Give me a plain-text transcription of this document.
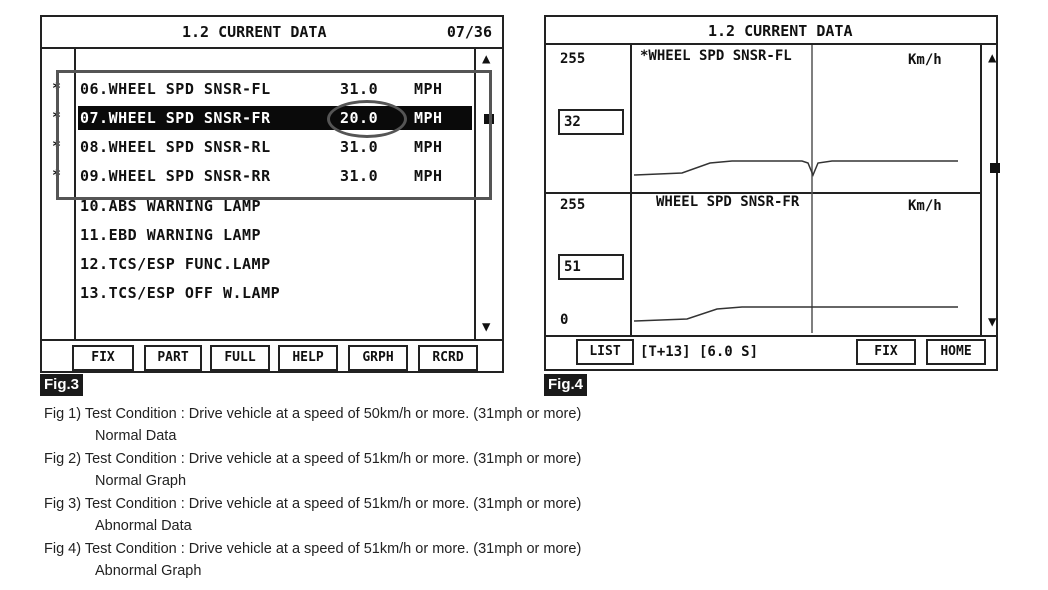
1.2 CURRENT DATA	07/36
*
*
*
*
06.WHEEL SPD SNSR-FL	31.0 MPH
07.WHEEL SPD SNSR-FR	20.0 MPH
08.WHEEL SPD SNSR-RL	31.0 MPH
09.WHEEL SPD SNSR-RR	31.0 MPH
10.ABS WARNING LAMP
11.EBD WARNING LAMP
12.TCS/ESP FUNC.LAMP
13.TCS/ESP OFF W.LAMP
▲
▼
FIX	PART	FULL	HELP	GRPH	RCRD
Fig.3
1.2 CURRENT DATA
255
32
*WHEEL SPD SNSR-FL	Km/h
255
51
0
WHEEL SPD SNSR-FR	Km/h
▲
▼
LIST	[T+13] [6.0 S]	FIX	HOME
Fig.4
Fig 1) Test Condition : Drive vehicle at a speed of 50km/h or more. (31mph or more)
Normal Data
Fig 2) Test Condition : Drive vehicle at a speed of 51km/h or more. (31mph or more)
Normal Graph
Fig 3) Test Condition : Drive vehicle at a speed of 51km/h or more. (31mph or more)
Abnormal Data
Fig 4) Test Condition : Drive vehicle at a speed of 51km/h or more. (31mph or more)
Abnormal Graph
